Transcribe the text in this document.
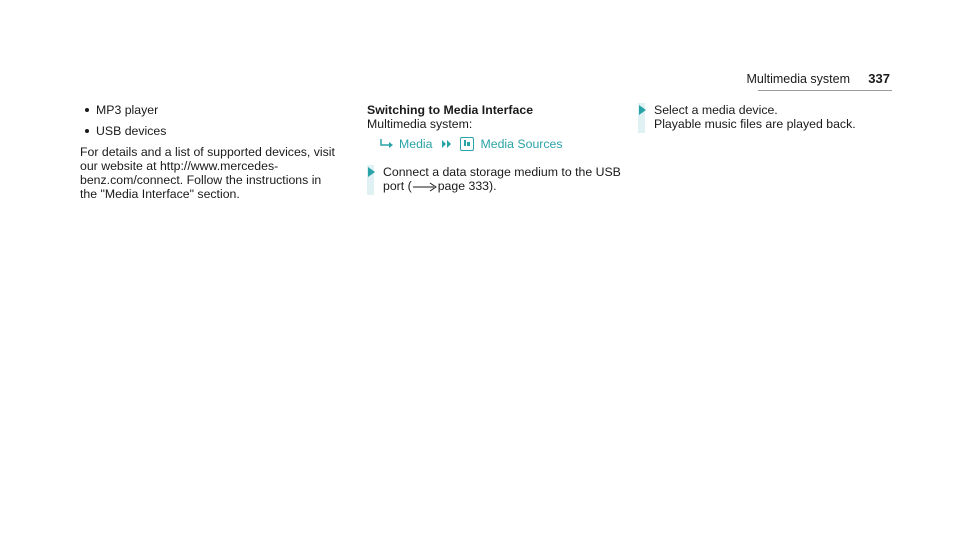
Multimedia system 337
MP3 player
USB devices
For details and a list of supported devices, visit
our website at http://www.mercedes-
benz.com/connect. Follow the instructions in
the "Media Interface" section.
Switching to Media Interface
Multimedia system:
Media	Media Sources
Connect a data storage medium to the USB
port ( page 333).
Select a media device.
Playable music files are played back.
